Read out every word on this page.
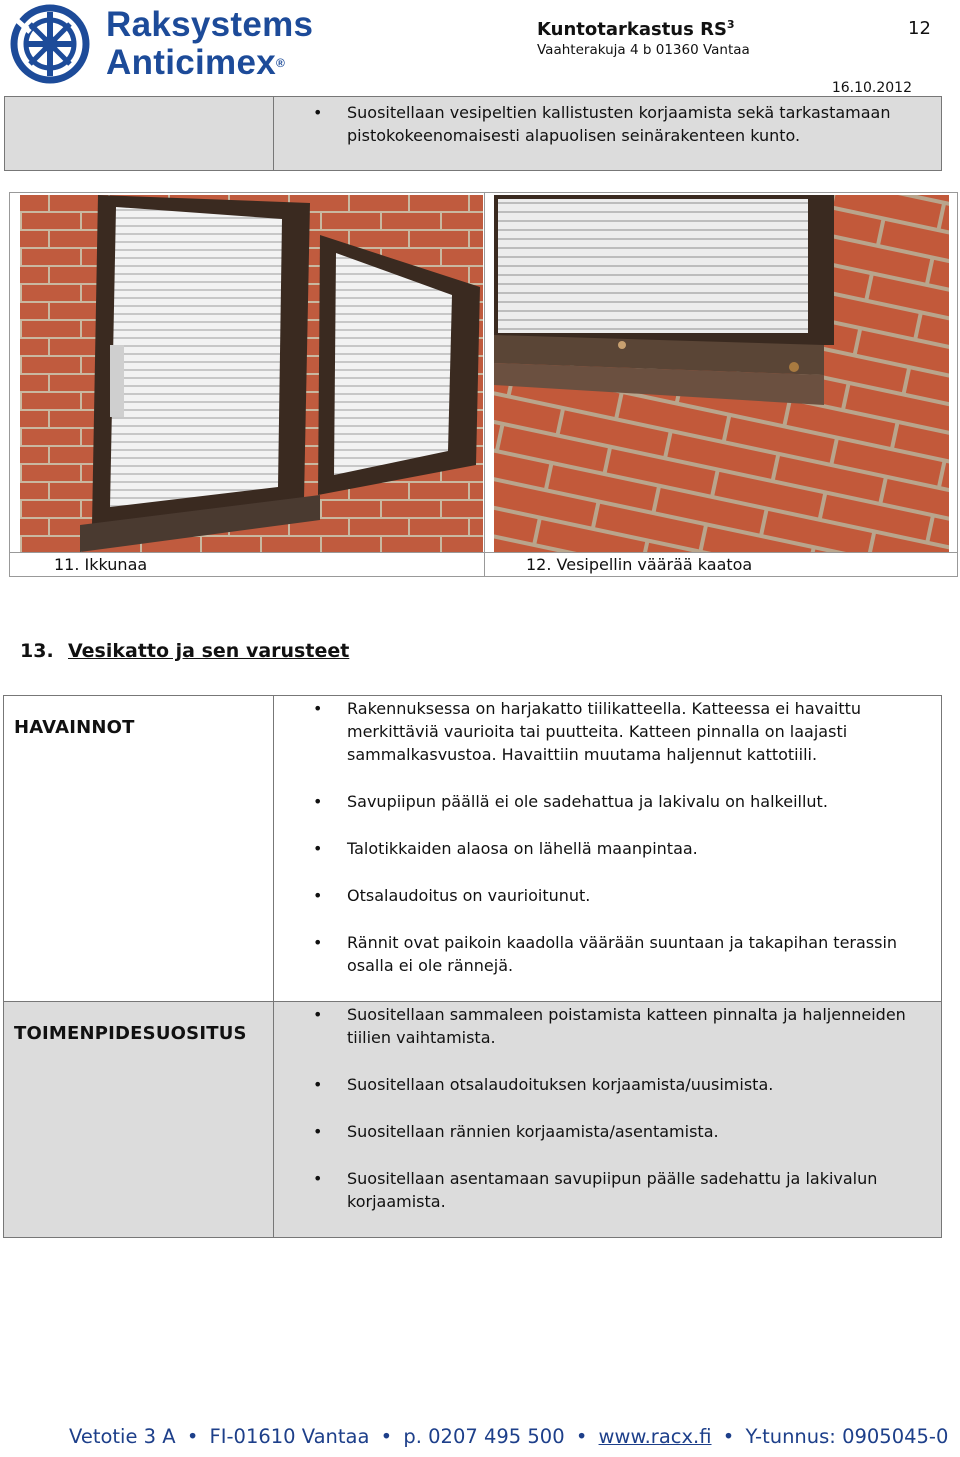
Raksystems
Anticimex®
Kuntotarkastus $RS^3$
Vaahterakuja 4 b 01360 Vantaa
12
16.10.2012
• Suositellaan vesipeltien kallistusten korjaamista sekä tarkastamaan pistokokeenomaisesti alapuolisen seinärakenteen kunto.
11. Ikkunaa	12. Vesipellin väärää kaatoa
13. Vesikatto ja sen varusteet
HAVAINNOT
• Rakennuksessa on harjakatto tiilikatteella. Katteessa ei havaittu merkittäviä vaurioita tai puutteita. Katteen pinnalla on laajasti sammalkasvustoa. Havaittiin muutama haljennut kattotiili.
• Savupiipun päällä ei ole sadehattua ja lakivalu on halkeillut.
• Talotikkaiden alaosa on lähellä maanpintaa.
• Otsalaudoitus on vaurioitunut.
• Rännit ovat paikoin kaadolla väärään suuntaan ja takapihan terassin osalla ei ole rännejä.
TOIMENPIDESUOSITUS
• Suositellaan sammaleen poistamista katteen pinnalta ja haljenneiden tiilien vaihtamista.
• Suositellaan otsalaudoituksen korjaamista/uusimista.
• Suositellaan rännien korjaamista/asentamista.
• Suositellaan asentamaan savupiipun päälle sadehattu ja lakivalun korjaamista.
Vetotie 3 A • FI-01610 Vantaa • p. 0207 495 500 • www.racx.fi • Y-tunnus: 0905045-0
